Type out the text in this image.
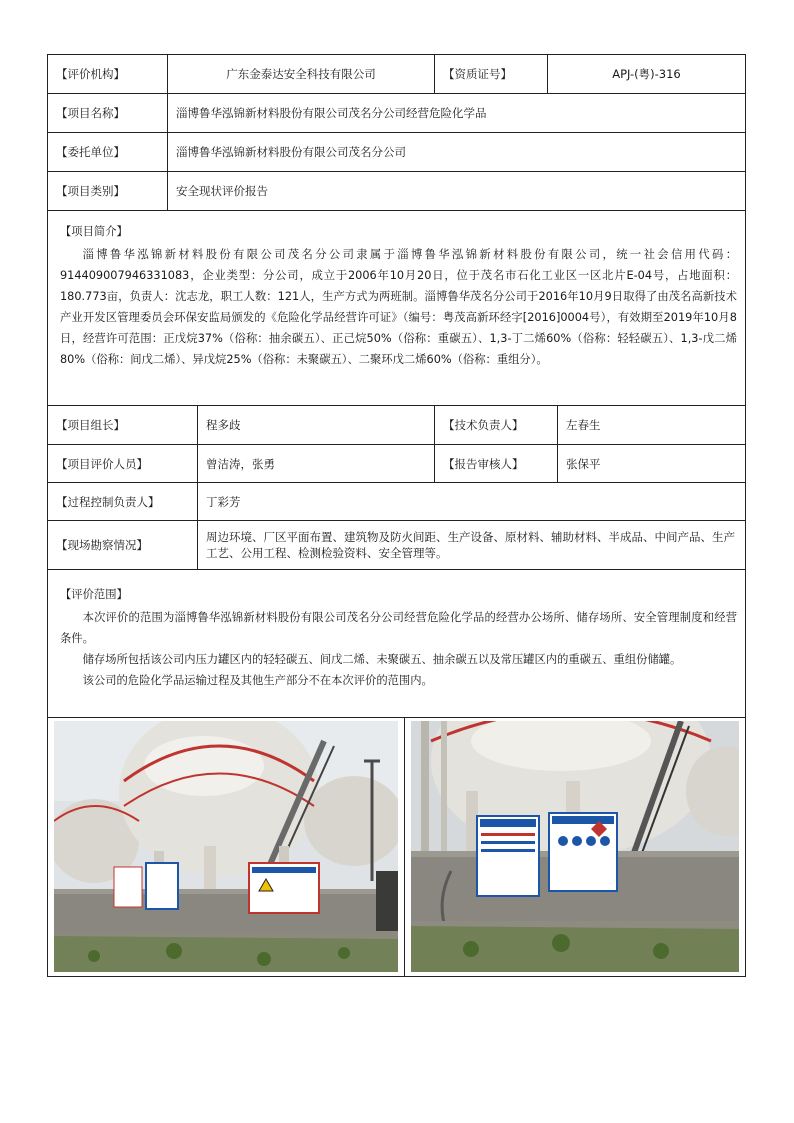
【评价机构】	广东金泰达安全科技有限公司	【资质证号】	APJ-(粤)-316
【项目名称】	淄博鲁华泓锦新材料股份有限公司茂名分公司经营危险化学品
【委托单位】	淄博鲁华泓锦新材料股份有限公司茂名分公司
【项目类别】	安全现状评价报告
【项目简介】

淄博鲁华泓锦新材料股份有限公司茂名分公司隶属于淄博鲁华泓锦新材料股份有限公司，统一社会信用代码：914409007946331083，企业类型：分公司，成立于2006年10月20日，位于茂名市石化工业区一区北片E-04号，占地面积：180.773亩，负责人：沈志龙，职工人数：121人，生产方式为两班制。淄博鲁华茂名分公司于2016年10月9日取得了由茂名高新技术产业开发区管理委员会环保安监局颁发的《危险化学品经营许可证》（编号：粤茂高新环经字[2016]0004号），有效期至2019年10月8日，经营许可范围：正戊烷37%（俗称：抽余碳五）、正己烷50%（俗称：重碳五）、1,3-丁二烯60%（俗称：轻轻碳五）、1,3-戊二烯80%（俗称：间戊二烯）、异戊烷25%（俗称：未聚碳五）、二聚环戊二烯60%（俗称：重组分）。

【项目组长】	程多歧	【技术负责人】	左春生
【项目评价人员】	曾洁涛，张勇	【报告审核人】	张保平
【过程控制负责人】	丁彩芳
【现场勘察情况】
周边环境、厂区平面布置、建筑物及防火间距、生产设备、原材料、辅助材料、半成品、中间产品、生产工艺、公用工程、检测检验资料、安全管理等。
【评价范围】

本次评价的范围为淄博鲁华泓锦新材料股份有限公司茂名分公司经营危险化学品的经营办公场所、储存场所、安全管理制度和经营条件。

储存场所包括该公司内压力罐区内的轻轻碳五、间戊二烯、未聚碳五、抽余碳五以及常压罐区内的重碳五、重组份储罐。

该公司的危险化学品运输过程及其他生产部分不在本次评价的范围内。
